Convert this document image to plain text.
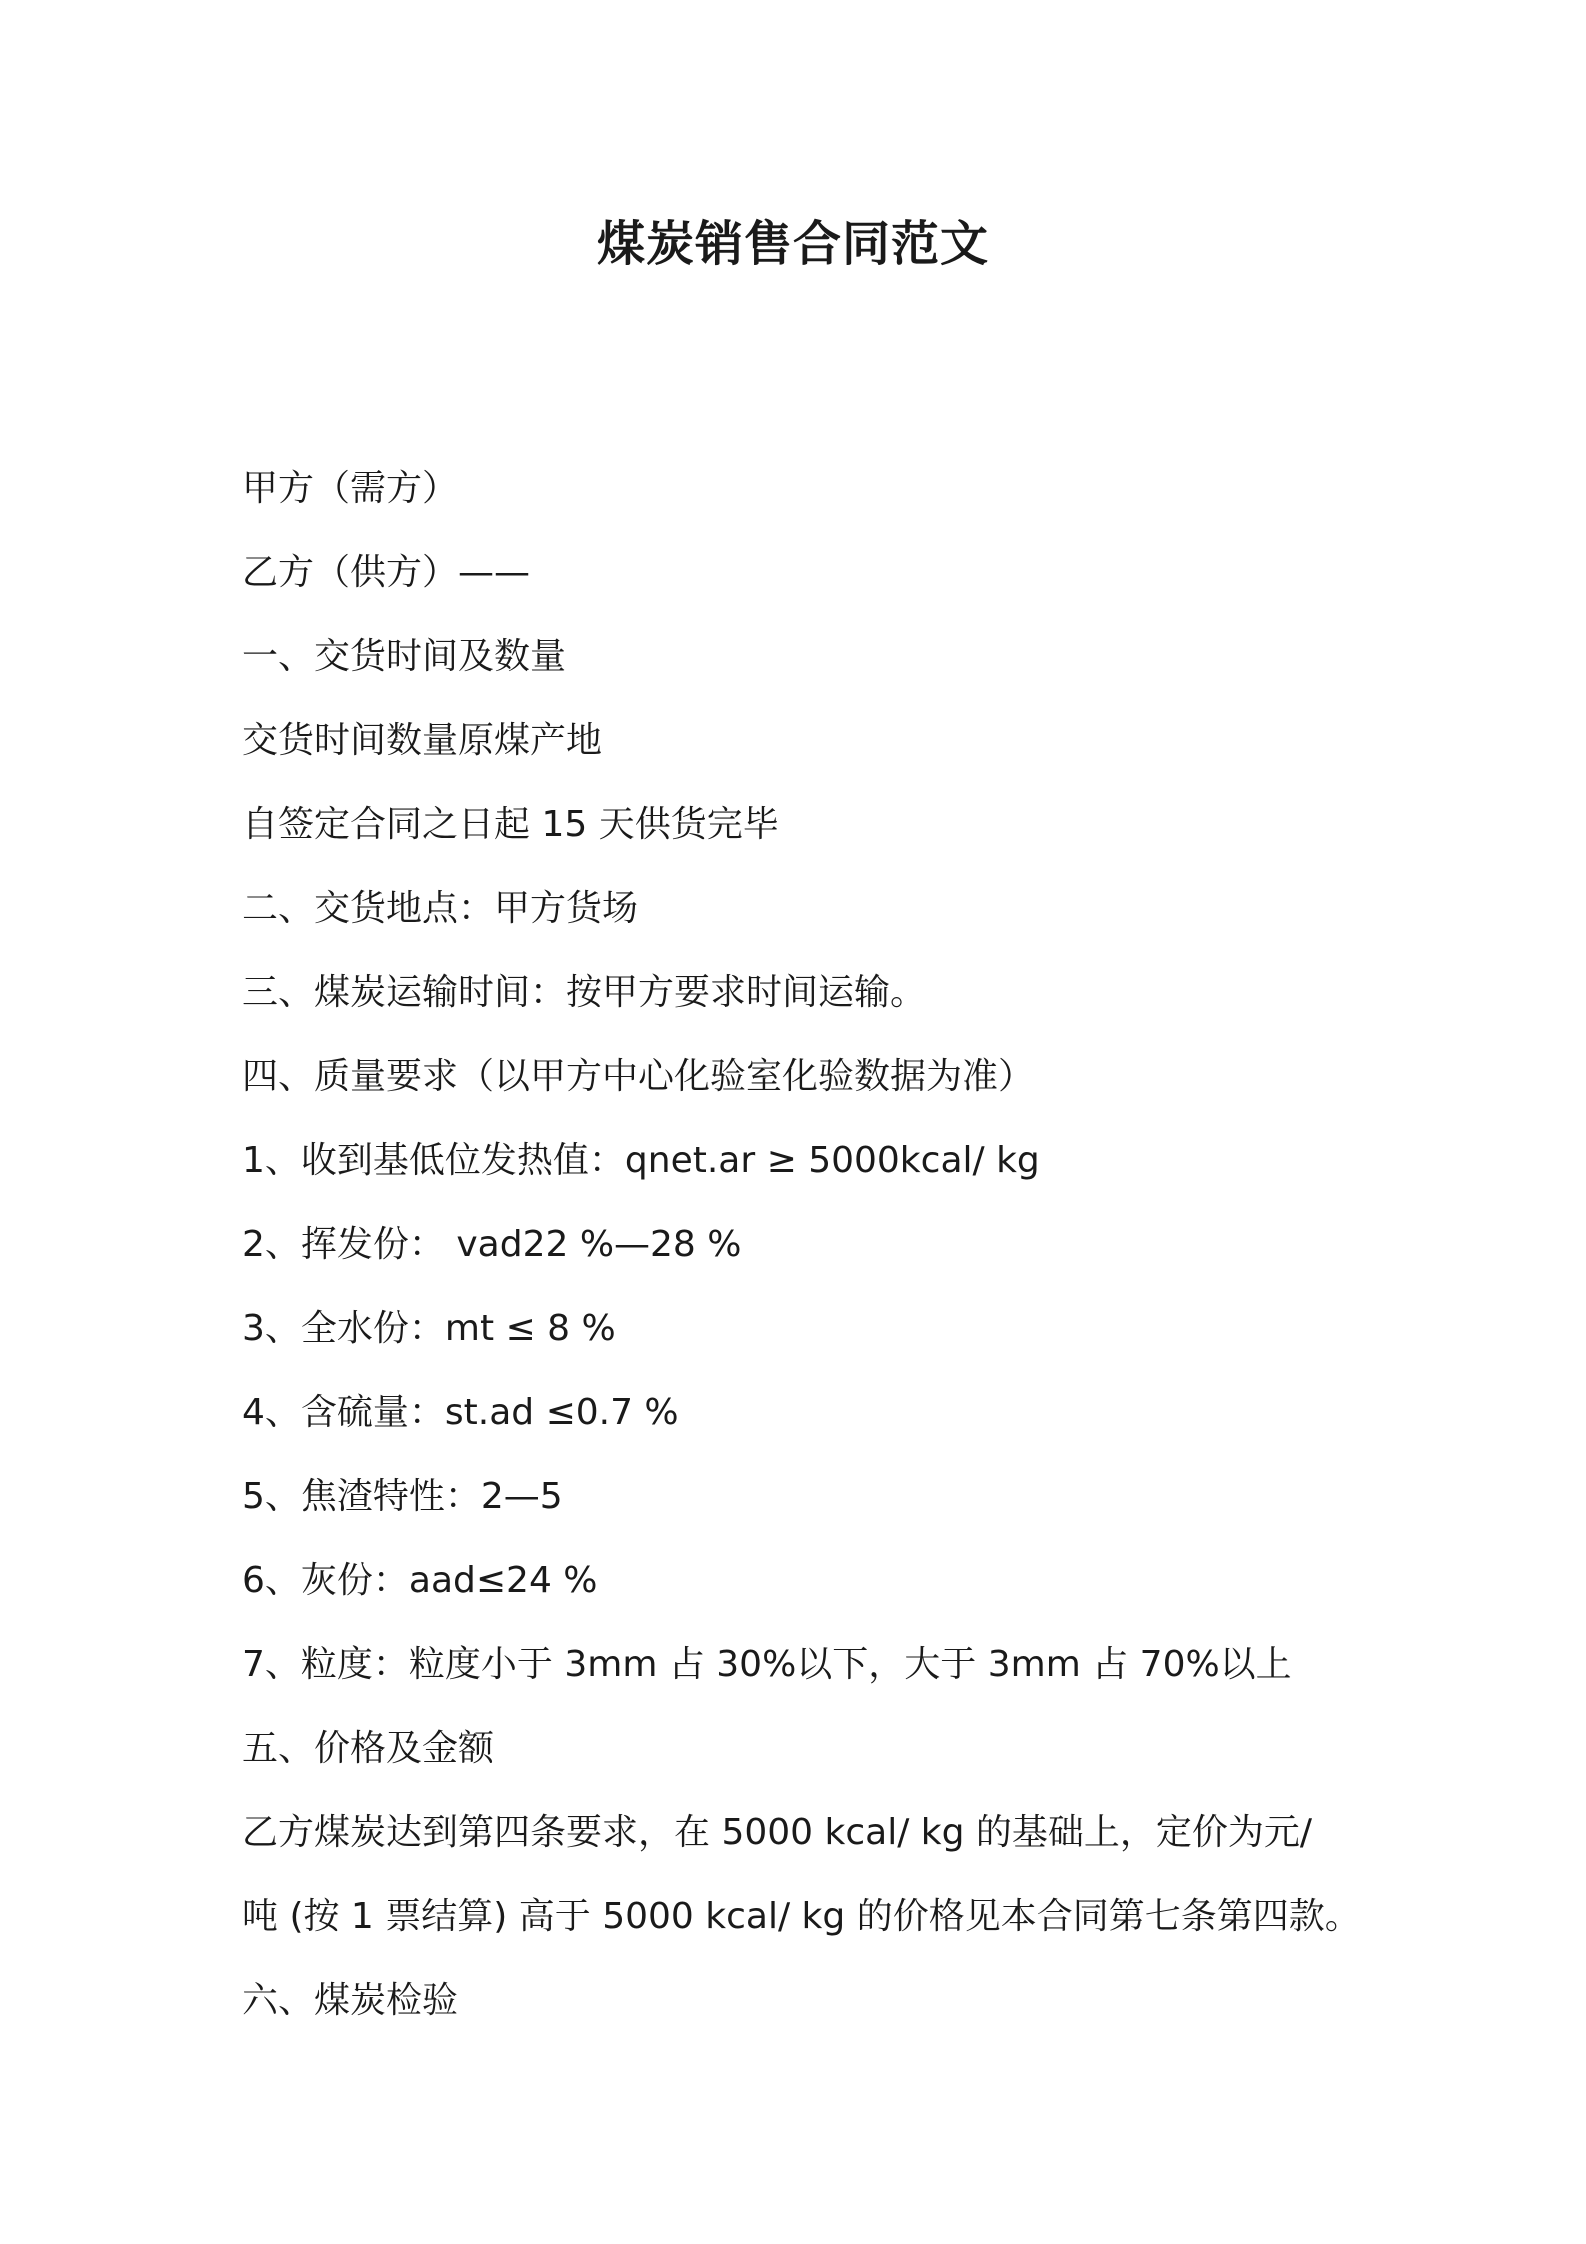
煤炭销售合同范文
甲方（需方）
乙方（供方）——
一、交货时间及数量
交货时间数量原煤产地
自签定合同之日起 15 天供货完毕
二、交货地点：甲方货场
三、煤炭运输时间：按甲方要求时间运输。
四、质量要求（以甲方中心化验室化验数据为准）
1、收到基低位发热值：qnet.ar ≥ 5000kcal/ kg
2、挥发份： vad22 %—28 %
3、全水份：mt ≤ 8 %
4、含硫量：st.ad ≤0.7 %
5、焦渣特性：2—5
6、灰份：aad≤24 %
7、粒度：粒度小于 3mm 占 30%以下，大于 3mm 占 70%以上
五、价格及金额
乙方煤炭达到第四条要求，在 5000 kcal/ kg 的基础上，定价为元/
吨 (按 1 票结算) 高于 5000 kcal/ kg 的价格见本合同第七条第四款。
六、煤炭检验
